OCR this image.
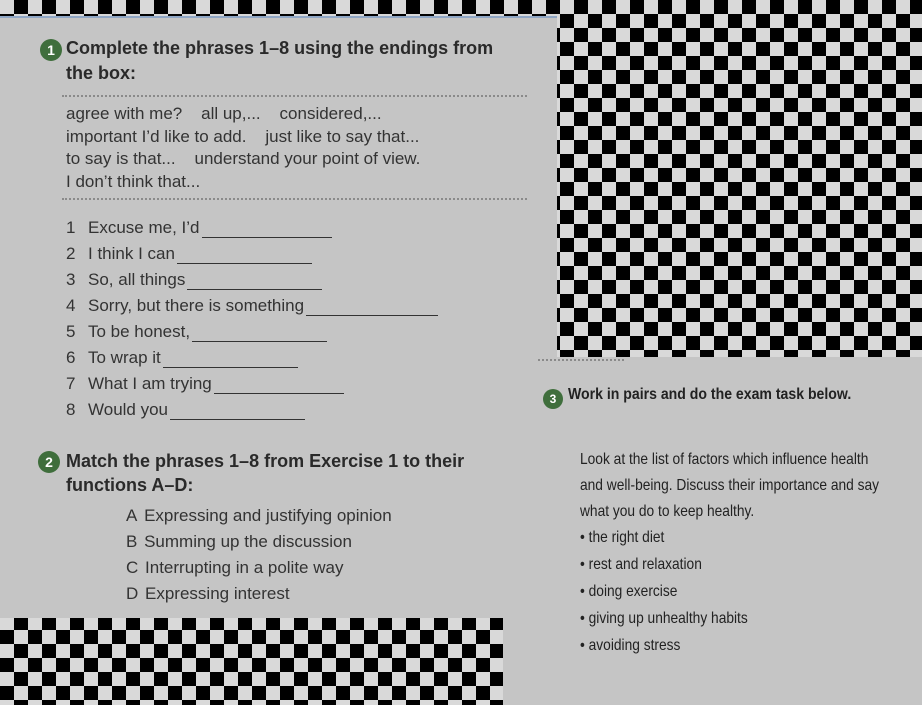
1 Complete the phrases 1–8 using the endings from
the box:
agree with me?    all up,...    considered,...
important I’d like to add.    just like to say that...
to say is that...    understand your point of view.
I don’t think that...
1 Excuse me, I’d
2 I think I can
3 So, all things
4 Sorry, but there is something
5 To be honest,
6 To wrap it
7 What I am trying
8 Would you
2 Match the phrases 1–8 from Exercise 1 to their
functions A–D:
A Expressing and justifying opinion
B Summing up the discussion
C Interrupting in a polite way
D Expressing interest
3 Work in pairs and do the exam task below.
Look at the list of factors which influence health
and well-being. Discuss their importance and say
what you do to keep healthy.
• the right diet
• rest and relaxation
• doing exercise
• giving up unhealthy habits
• avoiding stress
